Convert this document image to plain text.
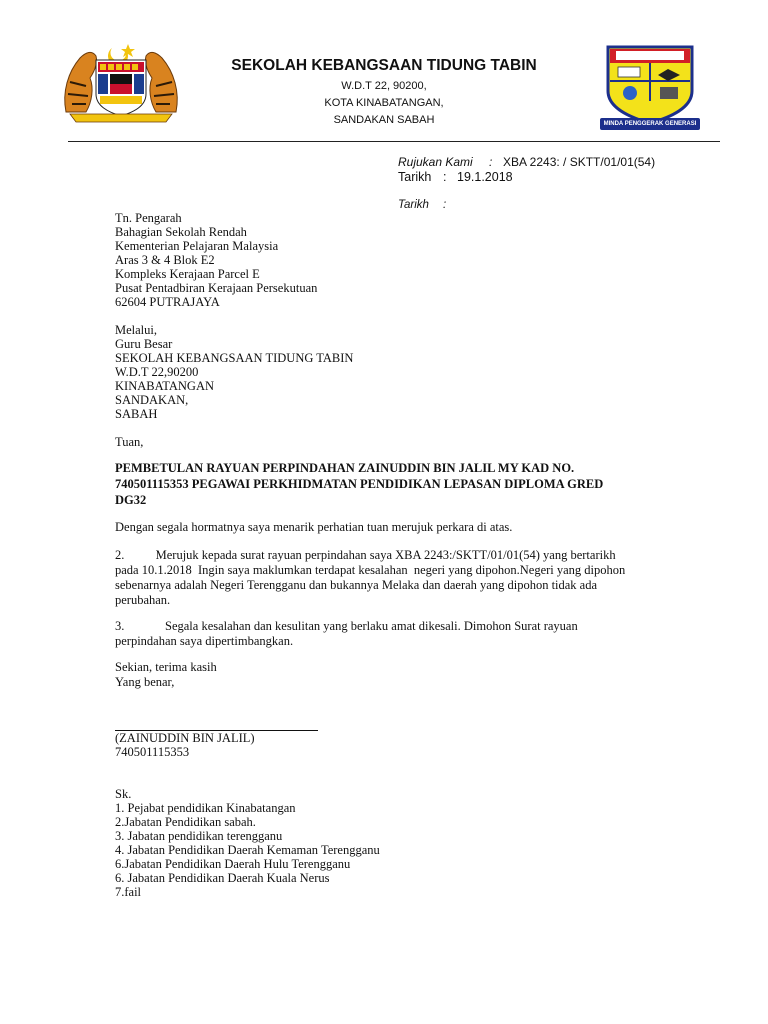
MINDA PENGGERAK GENERASI
SEKOLAH KEBANGSAAN TIDUNG TABIN
W.D.T 22, 90200,
KOTA KINABATANGAN,
SANDAKAN SABAH
Rujukan Kami : XBA 2243: / SKTT/01/01(54)
Tarikh : 19.1.2018
Tarikh :
Tn. Pengarah
Bahagian Sekolah Rendah
Kementerian Pelajaran Malaysia
Aras 3 & 4 Blok E2
Kompleks Kerajaan Parcel E
Pusat Pentadbiran Kerajaan Persekutuan
62604 PUTRAJAYA
Melalui,
Guru Besar
SEKOLAH KEBANGSAAN TIDUNG TABIN
W.D.T 22,90200
KINABATANGAN
SANDAKAN,
SABAH
Tuan,
PEMBETULAN RAYUAN PERPINDAHAN ZAINUDDIN BIN JALIL MY KAD NO.
740501115353 PEGAWAI PERKHIDMATAN PENDIDIKAN LEPASAN DIPLOMA GRED
DG32
Dengan segala hormatnya saya menarik perhatian tuan merujuk perkara di atas.
2.          Merujuk kepada surat rayuan perpindahan saya XBA 2243:/SKTT/01/01(54) yang bertarikh
pada 10.1.2018  Ingin saya maklumkan terdapat kesalahan  negeri yang dipohon.Negeri yang dipohon
sebenarnya adalah Negeri Terengganu dan bukannya Melaka dan daerah yang dipohon tidak ada
perubahan.
3.             Segala kesalahan dan kesulitan yang berlaku amat dikesali. Dimohon Surat rayuan
perpindahan saya dipertimbangkan.
Sekian, terima kasih
Yang benar,
(ZAINUDDIN BIN JALIL)
740501115353
Sk.
1. Pejabat pendidikan Kinabatangan
2.Jabatan Pendidikan sabah.
3. Jabatan pendidikan terengganu
4. Jabatan Pendidikan Daerah Kemaman Terengganu
6.Jabatan Pendidikan Daerah Hulu Terengganu
6. Jabatan Pendidikan Daerah Kuala Nerus
7.fail
